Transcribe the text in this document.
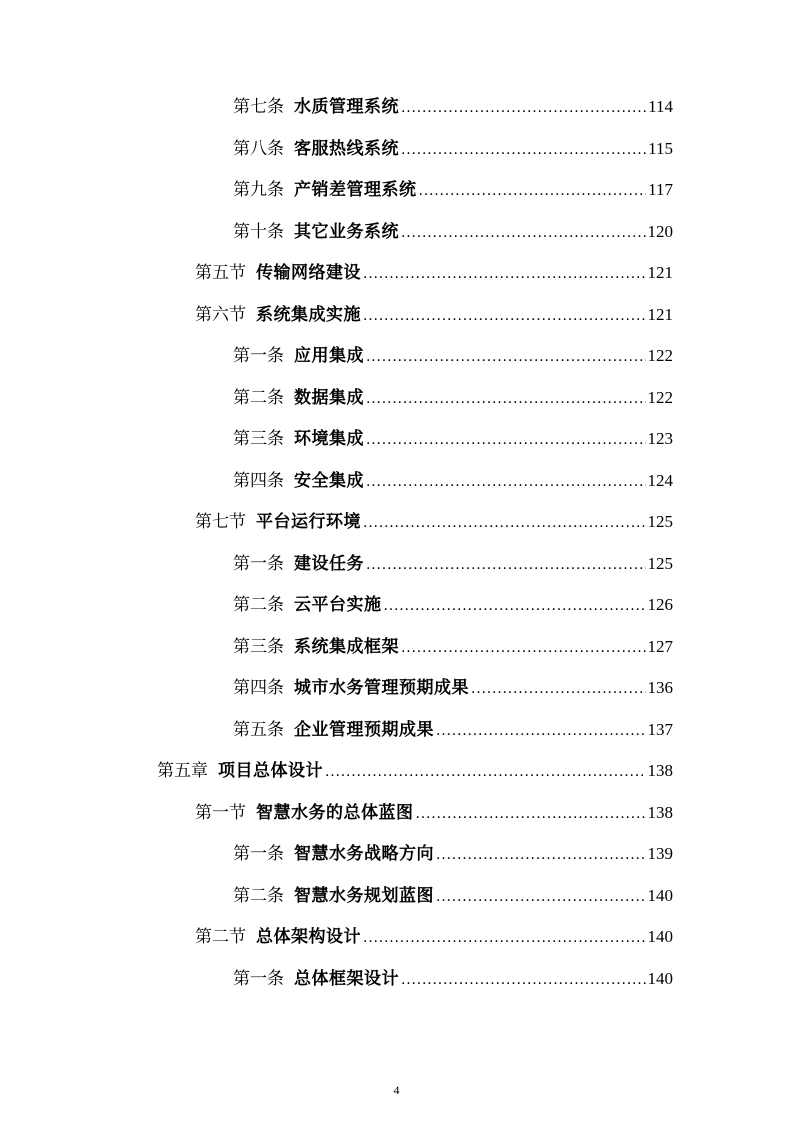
第七条 水质管理系统 .....	114
第八条 客服热线系统 .....	115
第九条 产销差管理系统 .....	117
第十条 其它业务系统 .....	120
第五节 传输网络建设 .....	121
第六节 系统集成实施 .....	121
第一条 应用集成 .....	122
第二条 数据集成 .....	122
第三条 环境集成 .....	123
第四条 安全集成 .....	124
第七节 平台运行环境 .....	125
第一条 建设任务 .....	125
第二条 云平台实施 .....	126
第三条 系统集成框架 .....	127
第四条 城市水务管理预期成果 .....	136
第五条 企业管理预期成果 .....	137
第五章 项目总体设计 .....	138
第一节 智慧水务的总体蓝图 .....	138
第一条 智慧水务战略方向 .....	139
第二条 智慧水务规划蓝图 .....	140
第二节 总体架构设计 .....	140
第一条 总体框架设计 .....	140
4
